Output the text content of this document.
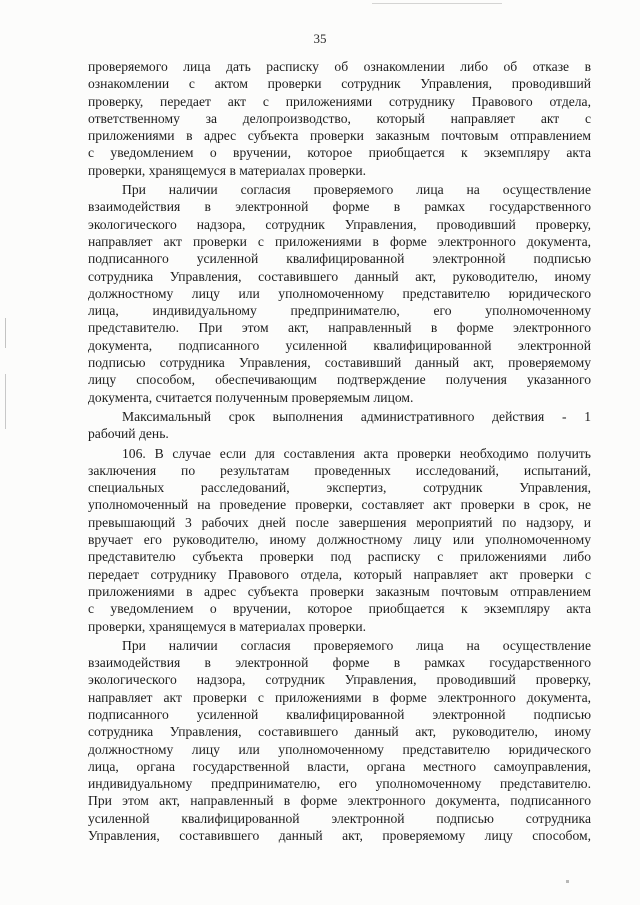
35
проверяемого лица дать расписку об ознакомлении либо об отказе в
ознакомлении с актом проверки сотрудник Управления, проводивший
проверку, передает акт с приложениями сотруднику Правового отдела,
ответственному за делопроизводство, который направляет акт с
приложениями в адрес субъекта проверки заказным почтовым отправлением
с уведомлением о вручении, которое приобщается к экземпляру акта
проверки, хранящемуся в материалах проверки.
При наличии согласия проверяемого лица на осуществление
взаимодействия в электронной форме в рамках государственного
экологического надзора, сотрудник Управления, проводивший проверку,
направляет акт проверки с приложениями в форме электронного документа,
подписанного усиленной квалифицированной электронной подписью
сотрудника Управления, составившего данный акт, руководителю, иному
должностному лицу или уполномоченному представителю юридического
лица, индивидуальному предпринимателю, его уполномоченному
представителю. При этом акт, направленный в форме электронного
документа, подписанного усиленной квалифицированной электронной
подписью сотрудника Управления, составивший данный акт, проверяемому
лицу способом, обеспечивающим подтверждение получения указанного
документа, считается полученным проверяемым лицом.
Максимальный срок выполнения административного действия - 1
рабочий день.
106. В случае если для составления акта проверки необходимо получить
заключения по результатам проведенных исследований, испытаний,
специальных расследований, экспертиз, сотрудник Управления,
уполномоченный на проведение проверки, составляет акт проверки в срок, не
превышающий 3 рабочих дней после завершения мероприятий по надзору, и
вручает его руководителю, иному должностному лицу или уполномоченному
представителю субъекта проверки под расписку с приложениями либо
передает сотруднику Правового отдела, который направляет акт проверки с
приложениями в адрес субъекта проверки заказным почтовым отправлением
с уведомлением о вручении, которое приобщается к экземпляру акта
проверки, хранящемуся в материалах проверки.
При наличии согласия проверяемого лица на осуществление
взаимодействия в электронной форме в рамках государственного
экологического надзора, сотрудник Управления, проводивший проверку,
направляет акт проверки с приложениями в форме электронного документа,
подписанного усиленной квалифицированной электронной подписью
сотрудника Управления, составившего данный акт, руководителю, иному
должностному лицу или уполномоченному представителю юридического
лица, органа государственной власти, органа местного самоуправления,
индивидуальному предпринимателю, его уполномоченному представителю.
При этом акт, направленный в форме электронного документа, подписанного
усиленной квалифицированной электронной подписью сотрудника
Управления, составившего данный акт, проверяемому лицу способом,
